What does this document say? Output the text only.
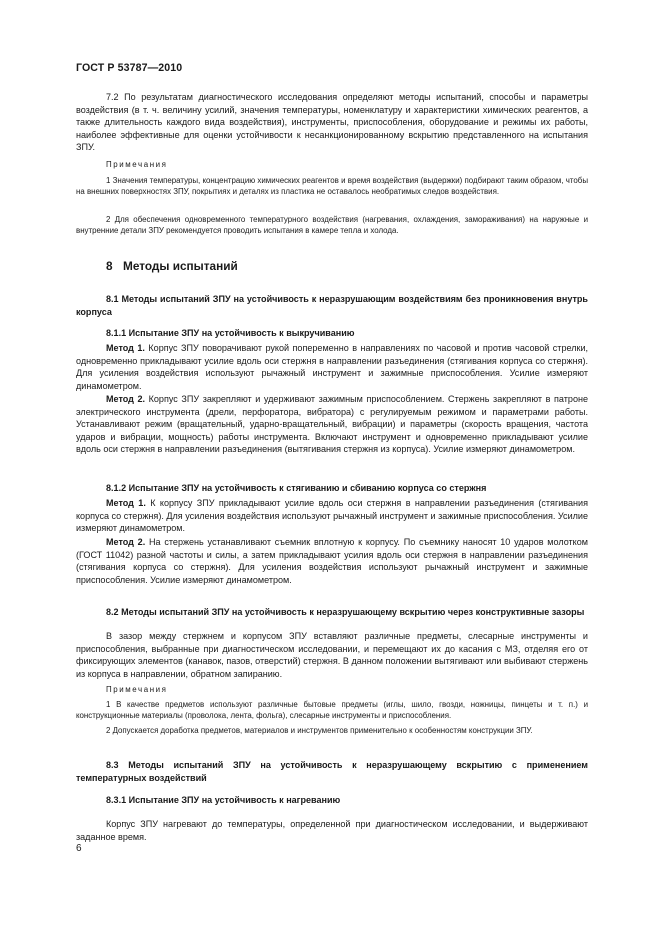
ГОСТ Р 53787—2010

7.2 По результатам диагностического исследования определяют методы испытаний, способы и параметры воздействия (в т. ч. величину усилий, значения температуры, номенклатуру и характеристики химических реагентов, а также длительность каждого вида воздействия), инструменты, приспособления, оборудование и режимы их работы, наиболее эффективные для оценки устойчивости к несанкционированному вскрытию представленного на испытания ЗПУ.

Примечания

1 Значения температуры, концентрацию химических реагентов и время воздействия (выдержки) подбирают таким образом, чтобы на внешних поверхностях ЗПУ, покрытиях и деталях из пластика не оставалось необратимых следов воздействия.

2 Для обеспечения одновременного температурного воздействия (нагревания, охлаждения, замораживания) на наружные и внутренние детали ЗПУ рекомендуется проводить испытания в камере тепла и холода.

8 Методы испытаний

8.1 Методы испытаний ЗПУ на устойчивость к неразрушающим воздействиям без проникновения внутрь корпуса

8.1.1 Испытание ЗПУ на устойчивость к выкручиванию

Метод 1. Корпус ЗПУ поворачивают рукой попеременно в направлениях по часовой и против часовой стрелки, одновременно прикладывают усилие вдоль оси стержня в направлении разъединения (стягивания корпуса со стержня). Для усиления воздействия используют рычажный инструмент и зажимные приспособления. Усилие измеряют динамометром.

Метод 2. Корпус ЗПУ закрепляют и удерживают зажимным приспособлением. Стержень закрепляют в патроне электрического инструмента (дрели, перфоратора, вибратора) с регулируемым режимом и параметрами работы. Устанавливают режим (вращательный, ударно-вращательный, вибрации) и параметры (скорость вращения, частота ударов и вибрации, мощность) работы инструмента. Включают инструмент и одновременно прикладывают усилие вдоль оси стержня в направлении разъединения (вытягивания стержня из корпуса). Усилие измеряют динамометром.

8.1.2 Испытание ЗПУ на устойчивость к стягиванию и сбиванию корпуса со стержня

Метод 1. К корпусу ЗПУ прикладывают усилие вдоль оси стержня в направлении разъединения (стягивания корпуса со стержня). Для усиления воздействия используют рычажный инструмент и зажимные приспособления. Усилие измеряют динамометром.

Метод 2. На стержень устанавливают съемник вплотную к корпусу. По съемнику наносят 10 ударов молотком (ГОСТ 11042) разной частоты и силы, а затем прикладывают усилия вдоль оси стержня в направлении разъединения (стягивания корпуса со стержня). Для усиления воздействия используют рычажный инструмент и зажимные приспособления. Усилие измеряют динамометром.

8.2 Методы испытаний ЗПУ на устойчивость к неразрушающему вскрытию через конструктивные зазоры

В зазор между стержнем и корпусом ЗПУ вставляют различные предметы, слесарные инструменты и приспособления, выбранные при диагностическом исследовании, и перемещают их до касания с МЗ, отделяя его от фиксирующих элементов (канавок, пазов, отверстий) стержня. В данном положении вытягивают или выбивают стержень из корпуса в направлении, обратном запиранию.

Примечания

1 В качестве предметов используют различные бытовые предметы (иглы, шило, гвозди, ножницы, пинцеты и т. п.) и конструкционные материалы (проволока, лента, фольга), слесарные инструменты и приспособления.

2 Допускается доработка предметов, материалов и инструментов применительно к особенностям конструкции ЗПУ.

8.3 Методы испытаний ЗПУ на устойчивость к неразрушающему вскрытию с применением температурных воздействий

8.3.1 Испытание ЗПУ на устойчивость к нагреванию

Корпус ЗПУ нагревают до температуры, определенной при диагностическом исследовании, и выдерживают заданное время.

6
